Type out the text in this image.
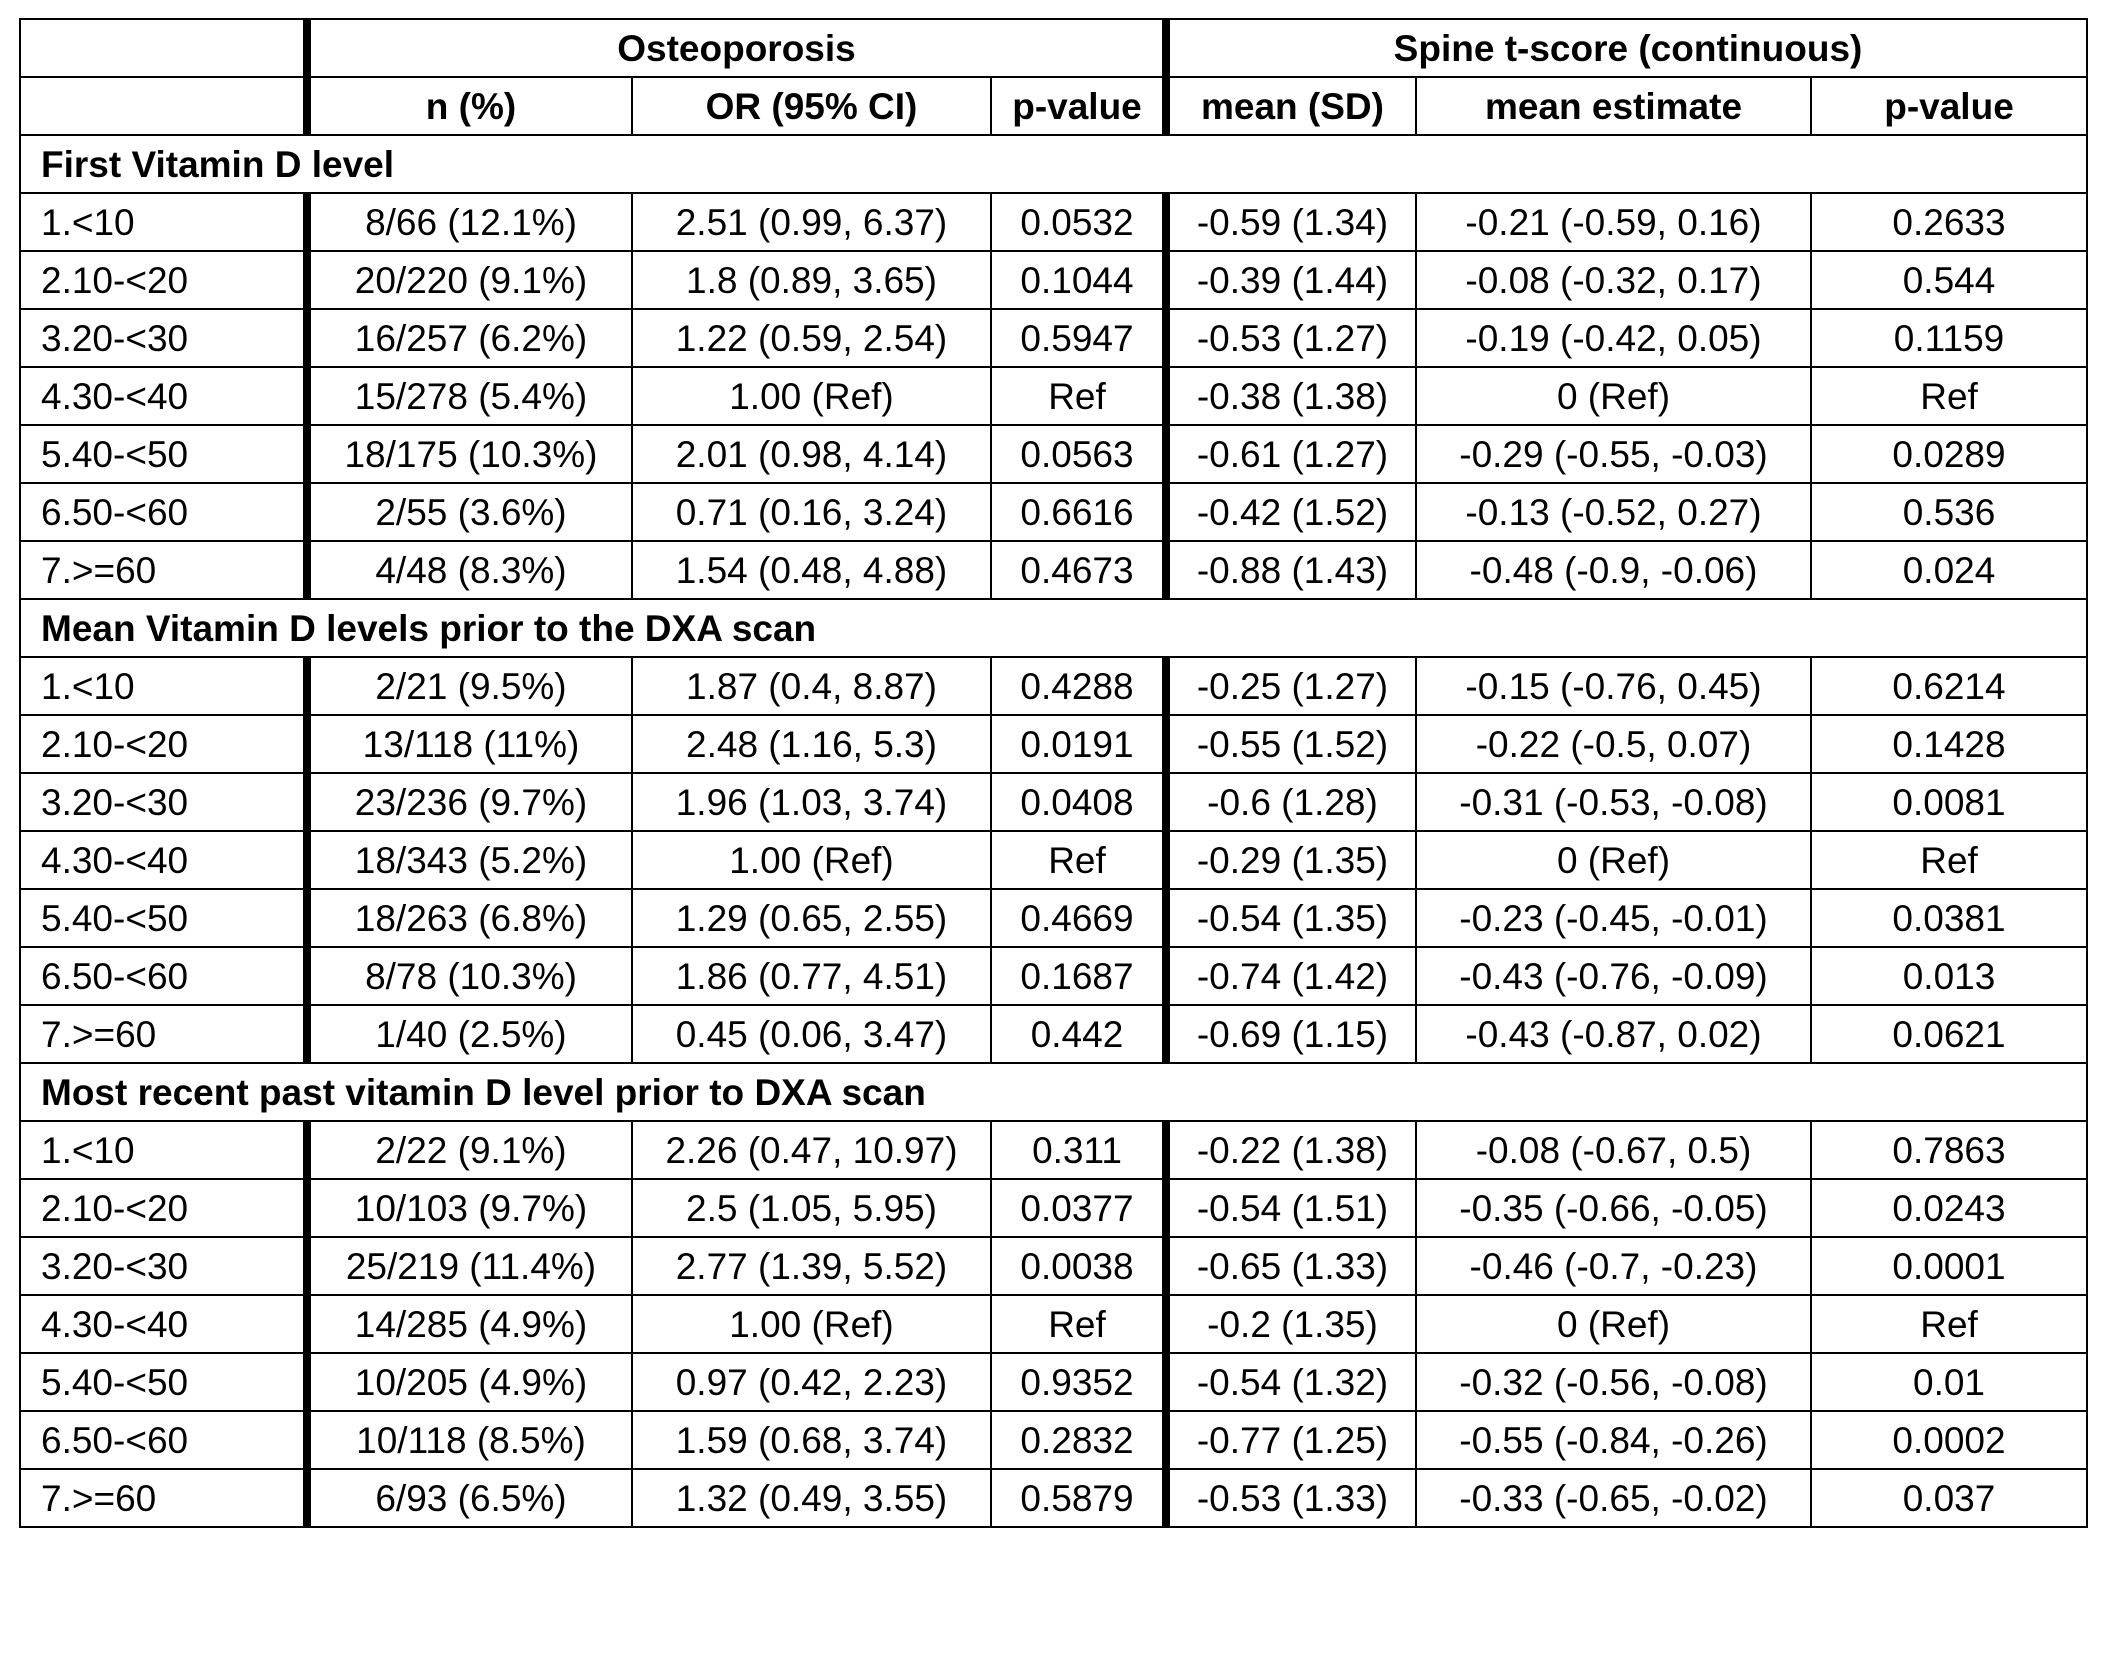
	Osteoporosis			Spine t-score (continuous)		
	n (%)	OR (95% CI)	p-value	mean (SD)	mean estimate	p-value
First Vitamin D level						
1.<10	8/66 (12.1%)	2.51 (0.99, 6.37)	0.0532	-0.59 (1.34)	-0.21 (-0.59, 0.16)	0.2633
2.10-<20	20/220 (9.1%)	1.8 (0.89, 3.65)	0.1044	-0.39 (1.44)	-0.08 (-0.32, 0.17)	0.544
3.20-<30	16/257 (6.2%)	1.22 (0.59, 2.54)	0.5947	-0.53 (1.27)	-0.19 (-0.42, 0.05)	0.1159
4.30-<40	15/278 (5.4%)	1.00 (Ref)	Ref	-0.38 (1.38)	0 (Ref)	Ref
5.40-<50	18/175 (10.3%)	2.01 (0.98, 4.14)	0.0563	-0.61 (1.27)	-0.29 (-0.55, -0.03)	0.0289
6.50-<60	2/55 (3.6%)	0.71 (0.16, 3.24)	0.6616	-0.42 (1.52)	-0.13 (-0.52, 0.27)	0.536
7.>=60	4/48 (8.3%)	1.54 (0.48, 4.88)	0.4673	-0.88 (1.43)	-0.48 (-0.9, -0.06)	0.024
Mean Vitamin D levels prior to the DXA scan						
1.<10	2/21 (9.5%)	1.87 (0.4, 8.87)	0.4288	-0.25 (1.27)	-0.15 (-0.76, 0.45)	0.6214
2.10-<20	13/118 (11%)	2.48 (1.16, 5.3)	0.0191	-0.55 (1.52)	-0.22 (-0.5, 0.07)	0.1428
3.20-<30	23/236 (9.7%)	1.96 (1.03, 3.74)	0.0408	-0.6 (1.28)	-0.31 (-0.53, -0.08)	0.0081
4.30-<40	18/343 (5.2%)	1.00 (Ref)	Ref	-0.29 (1.35)	0 (Ref)	Ref
5.40-<50	18/263 (6.8%)	1.29 (0.65, 2.55)	0.4669	-0.54 (1.35)	-0.23 (-0.45, -0.01)	0.0381
6.50-<60	8/78 (10.3%)	1.86 (0.77, 4.51)	0.1687	-0.74 (1.42)	-0.43 (-0.76, -0.09)	0.013
7.>=60	1/40 (2.5%)	0.45 (0.06, 3.47)	0.442	-0.69 (1.15)	-0.43 (-0.87, 0.02)	0.0621
Most recent past vitamin D level prior to DXA scan						
1.<10	2/22 (9.1%)	2.26 (0.47, 10.97)	0.311	-0.22 (1.38)	-0.08 (-0.67, 0.5)	0.7863
2.10-<20	10/103 (9.7%)	2.5 (1.05, 5.95)	0.0377	-0.54 (1.51)	-0.35 (-0.66, -0.05)	0.0243
3.20-<30	25/219 (11.4%)	2.77 (1.39, 5.52)	0.0038	-0.65 (1.33)	-0.46 (-0.7, -0.23)	0.0001
4.30-<40	14/285 (4.9%)	1.00 (Ref)	Ref	-0.2 (1.35)	0 (Ref)	Ref
5.40-<50	10/205 (4.9%)	0.97 (0.42, 2.23)	0.9352	-0.54 (1.32)	-0.32 (-0.56, -0.08)	0.01
6.50-<60	10/118 (8.5%)	1.59 (0.68, 3.74)	0.2832	-0.77 (1.25)	-0.55 (-0.84, -0.26)	0.0002
7.>=60	6/93 (6.5%)	1.32 (0.49, 3.55)	0.5879	-0.53 (1.33)	-0.33 (-0.65, -0.02)	0.037
